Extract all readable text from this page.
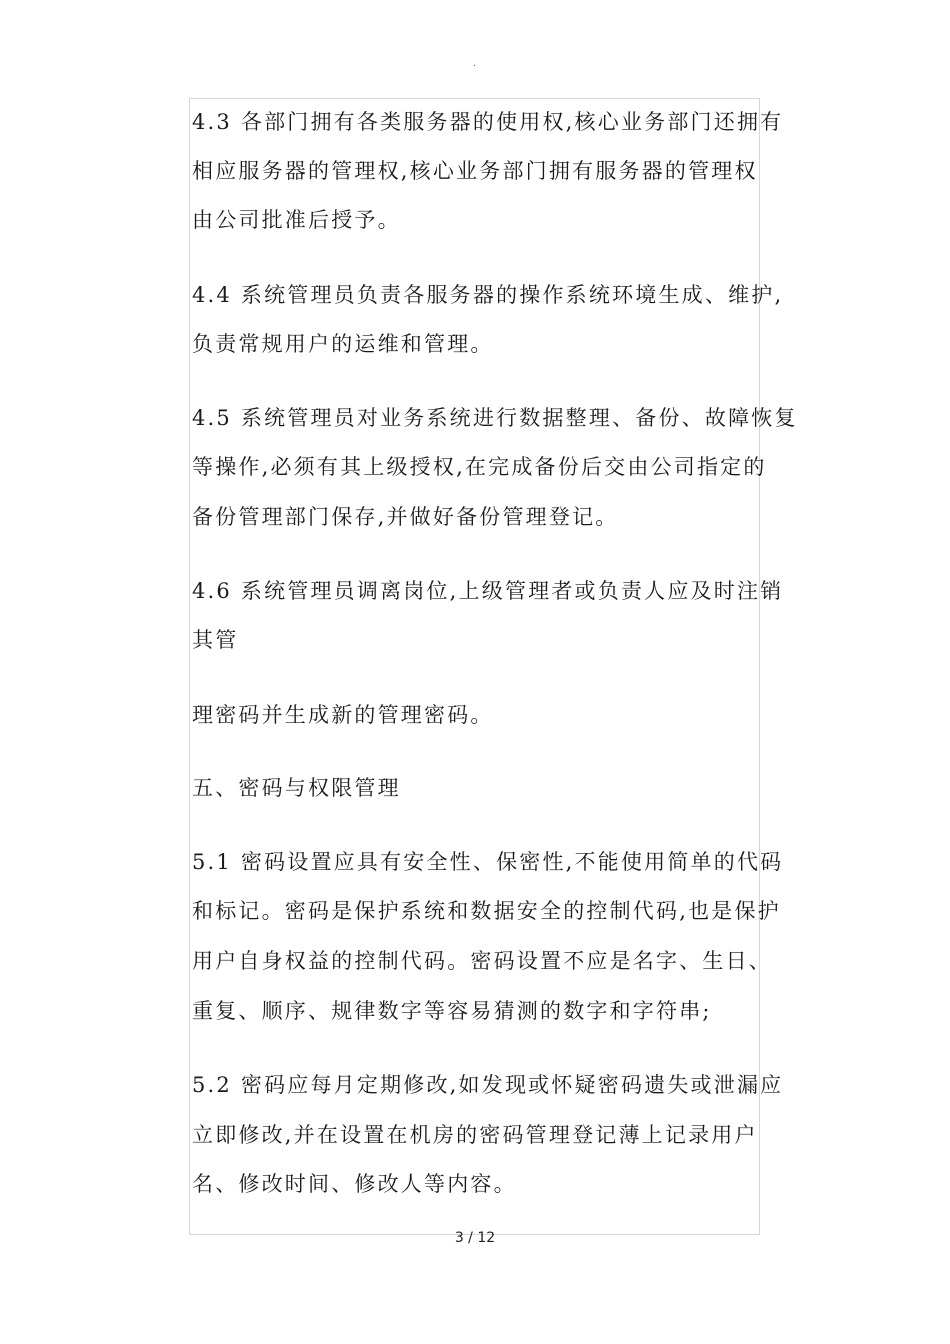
.
4.3 各部门拥有各类服务器的使用权,核心业务部门还拥有
相应服务器的管理权,核心业务部门拥有服务器的管理权
由公司批准后授予。
4.4 系统管理员负责各服务器的操作系统环境生成、维护,
负责常规用户的运维和管理。
4.5 系统管理员对业务系统进行数据整理、备份、故障恢复
等操作,必须有其上级授权,在完成备份后交由公司指定的
备份管理部门保存,并做好备份管理登记。
4.6 系统管理员调离岗位,上级管理者或负责人应及时注销
其管
理密码并生成新的管理密码。
五、密码与权限管理
5.1 密码设置应具有安全性、保密性,不能使用简单的代码
和标记。密码是保护系统和数据安全的控制代码,也是保护
用户自身权益的控制代码。密码设置不应是名字、生日、
重复、顺序、规律数字等容易猜测的数字和字符串;
5.2 密码应每月定期修改,如发现或怀疑密码遗失或泄漏应
立即修改,并在设置在机房的密码管理登记薄上记录用户
名、修改时间、修改人等内容。
3 / 12
